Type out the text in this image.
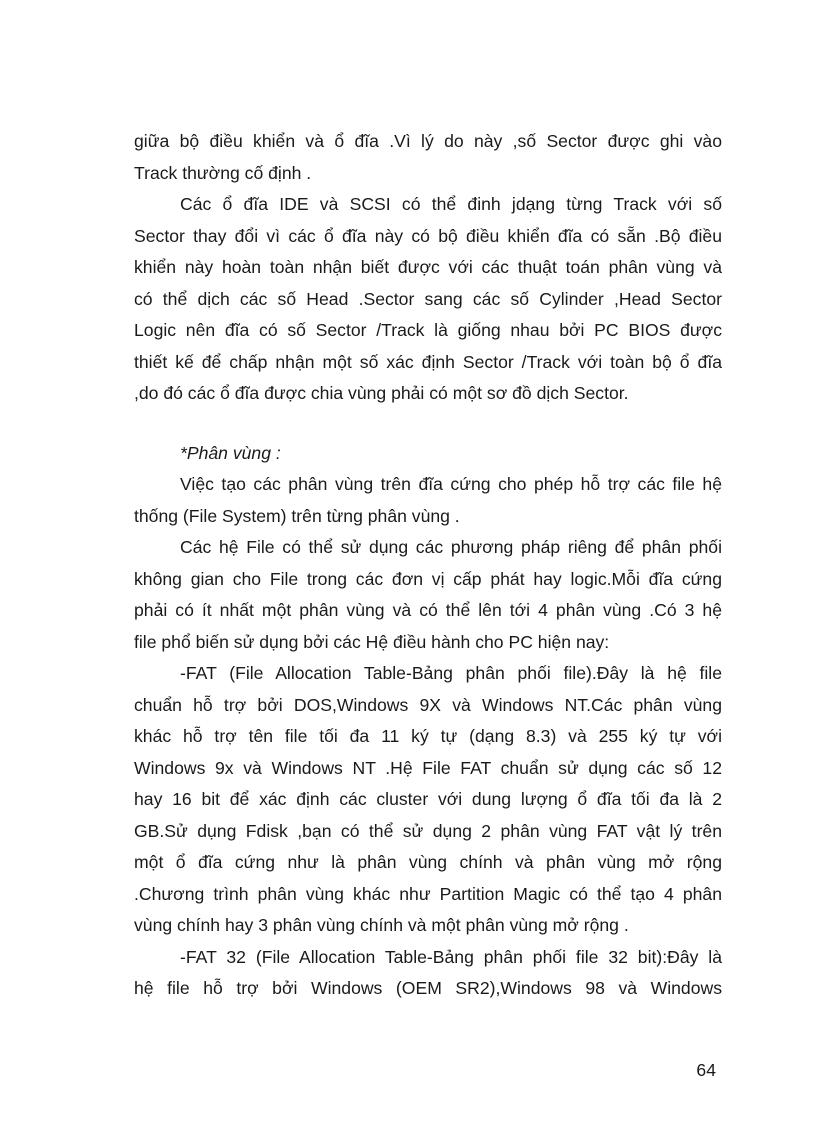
giữa bộ điều khiển và ổ đĩa .Vì lý do này ,số Sector được ghi vào
Track thường cố định .
Các ổ đĩa IDE và SCSI có thể đinh jdạng từng Track với số
Sector thay đổi vì các ổ đĩa này có bộ điều khiển đĩa có sẵn .Bộ điều
khiển này hoàn toàn nhận biết được với các thuật toán phân vùng và
có thể dịch các số Head .Sector sang các số Cylinder ,Head Sector
Logic nên đĩa có số Sector /Track là giống nhau bởi PC BIOS được
thiết kế để chấp nhận một số xác định Sector /Track với toàn bộ ổ đĩa
,do đó các ổ đĩa được chia vùng phải có một sơ đồ dịch Sector.
*Phân vùng :
Việc tạo các phân vùng trên đĩa cứng cho phép hỗ trợ các file hệ
thống (File System) trên từng phân vùng .
Các hệ File có thể sử dụng các phương pháp riêng để phân phối
không gian cho File trong các đơn vị cấp phát hay logic.Mỗi đĩa cứng
phải có ít nhất một phân vùng và có thể lên tới 4 phân vùng .Có 3 hệ
file phổ biến sử dụng bởi các Hệ điều hành cho PC hiện nay:
-FAT (File Allocation Table-Bảng phân phối file).Đây là hệ file
chuẩn hỗ trợ bởi DOS,Windows 9X và Windows NT.Các phân vùng
khác hỗ trợ tên file tối đa 11 ký tự (dạng 8.3) và 255 ký tự với
Windows 9x và Windows NT .Hệ File FAT chuẩn sử dụng các số 12
hay 16 bit để xác định các cluster với dung lượng ổ đĩa tối đa là 2
GB.Sử dụng Fdisk ,bạn có thể sử dụng 2 phân vùng FAT vật lý trên
một ổ đĩa cứng như là phân vùng chính và phân vùng mở rộng
.Chương trình phân vùng khác như Partition Magic có thể tạo 4 phân
vùng chính hay 3 phân vùng chính và một phân vùng mở rộng .
-FAT 32 (File Allocation Table-Bảng phân phối file 32 bit):Đây là
hệ file hỗ trợ bởi Windows (OEM SR2),Windows 98 và Windows
64
